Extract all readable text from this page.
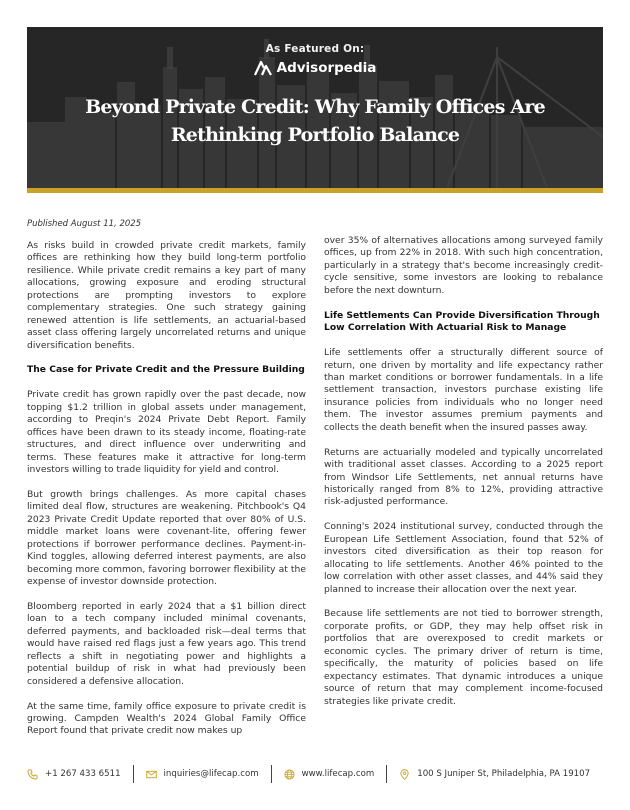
As Featured On:
Advisorpedia
Beyond Private Credit: Why Family Offices Are
Rethinking Portfolio Balance
Published August 11, 2025

As risks build in crowded private credit markets, family offices are rethinking how they build long-term portfolio resilience. While private credit remains a key part of many allocations, growing exposure and eroding structural protections are prompting investors to explore complementary strategies. One such strategy gaining renewed attention is life settlements, an actuarial-based asset class offering largely uncorrelated returns and unique diversification benefits.

The Case for Private Credit and the Pressure Building

Private credit has grown rapidly over the past decade, now topping $1.2 trillion in global assets under management, according to Preqin's 2024 Private Debt Report. Family offices have been drawn to its steady income, floating-rate structures, and direct influence over underwriting and terms. These features make it attractive for long-term investors willing to trade liquidity for yield and control.

But growth brings challenges. As more capital chases limited deal flow, structures are weakening. Pitchbook's Q4 2023 Private Credit Update reported that over 80% of U.S. middle market loans were covenant-lite, offering fewer protections if borrower performance declines. Payment-in-Kind toggles, allowing deferred interest payments, are also becoming more common, favoring borrower flexibility at the expense of investor downside protection.

Bloomberg reported in early 2024 that a $1 billion direct loan to a tech company included minimal covenants, deferred payments, and backloaded risk—deal terms that would have raised red flags just a few years ago. This trend reflects a shift in negotiating power and highlights a potential buildup of risk in what had previously been considered a defensive allocation.

At the same time, family office exposure to private credit is growing. Campden Wealth's 2024 Global Family Office Report found that private credit now makes up

over 35% of alternatives allocations among surveyed family offices, up from 22% in 2018. With such high concentration, particularly in a strategy that's become increasingly credit-cycle sensitive, some investors are looking to rebalance before the next downturn.

Life Settlements Can Provide Diversification Through Low Correlation With Actuarial Risk to Manage

Life settlements offer a structurally different source of return, one driven by mortality and life expectancy rather than market conditions or borrower fundamentals. In a life settlement transaction, investors purchase existing life insurance policies from individuals who no longer need them. The investor assumes premium payments and collects the death benefit when the insured passes away.

Returns are actuarially modeled and typically uncorrelated with traditional asset classes. According to a 2025 report from Windsor Life Settlements, net annual returns have historically ranged from 8% to 12%, providing attractive risk-adjusted performance.

Conning's 2024 institutional survey, conducted through the European Life Settlement Association, found that 52% of investors cited diversification as their top reason for allocating to life settlements. Another 46% pointed to the low correlation with other asset classes, and 44% said they planned to increase their allocation over the next year.

Because life settlements are not tied to borrower strength, corporate profits, or GDP, they may help offset risk in portfolios that are overexposed to credit markets or economic cycles. The primary driver of return is time, specifically, the maturity of policies based on life expectancy estimates. That dynamic introduces a unique source of return that may complement income-focused strategies like private credit.

+1 267 433 6511	inquiries@lifecap.com	www.lifecap.com	100 S Juniper St, Philadelphia, PA 19107
